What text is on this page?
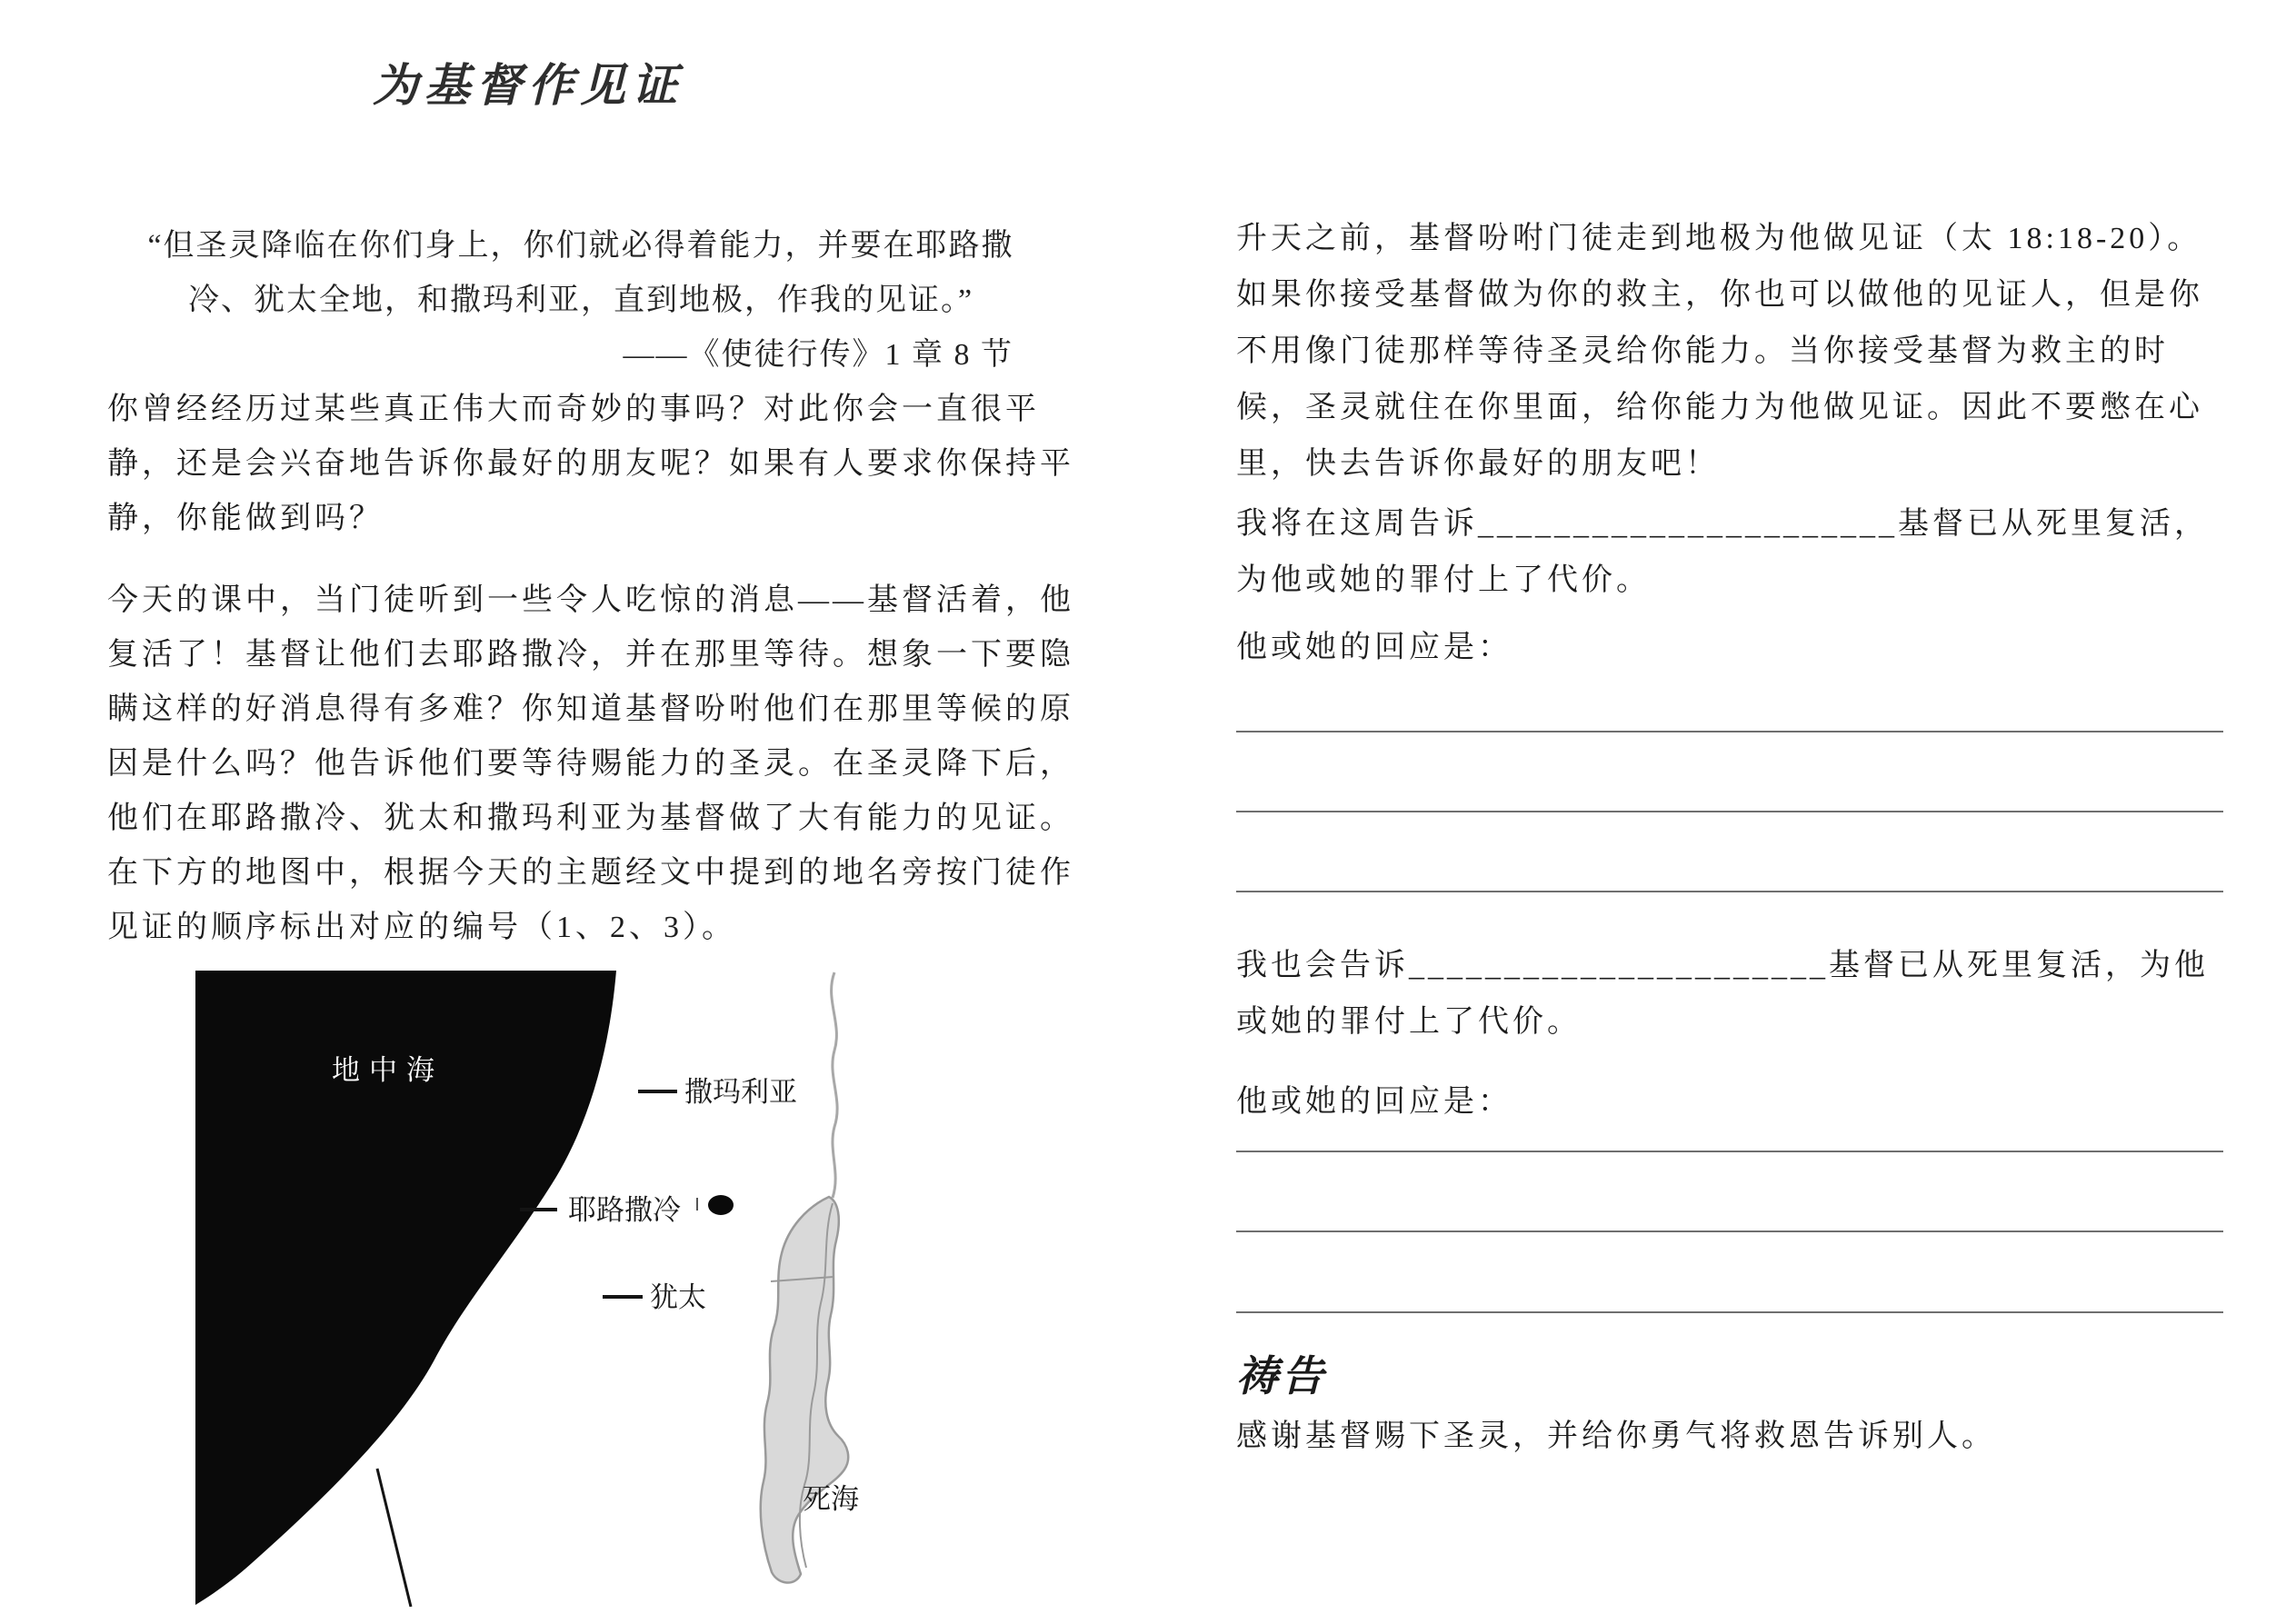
为基督作见证

“但圣灵降临在你们身上，你们就必得着能力，并要在耶路撒
冷、犹太全地，和撒玛利亚，直到地极，作我的见证。”

——《使徒行传》1 章 8 节

你曾经经历过某些真正伟大而奇妙的事吗？对此你会一直很平
静，还是会兴奋地告诉你最好的朋友呢？如果有人要求你保持平
静，你能做到吗？

今天的课中，当门徒听到一些令人吃惊的消息——基督活着，他
复活了！基督让他们去耶路撒冷，并在那里等待。想象一下要隐
瞒这样的好消息得有多难？你知道基督吩咐他们在那里等候的原
因是什么吗？他告诉他们要等待赐能力的圣灵。在圣灵降下后，
他们在耶路撒冷、犹太和撒玛利亚为基督做了大有能力的见证。

在下方的地图中，根据今天的主题经文中提到的地名旁按门徒作
见证的顺序标出对应的编号（1、2、3）。

地中海
撒玛利亚
耶路撒冷
犹太
死海

升天之前，基督吩咐门徒走到地极为他做见证（太 18:18-20）。
如果你接受基督做为你的救主，你也可以做他的见证人，但是你
不用像门徒那样等待圣灵给你能力。当你接受基督为救主的时
候，圣灵就住在你里面，给你能力为他做见证。因此不要憋在心
里，快去告诉你最好的朋友吧！

我将在这周告诉______________________基督已从死里复活，
为他或她的罪付上了代价。

他或她的回应是：

我也会告诉______________________基督已从死里复活，为他
或她的罪付上了代价。

他或她的回应是：

祷告

感谢基督赐下圣灵，并给你勇气将救恩告诉别人。
